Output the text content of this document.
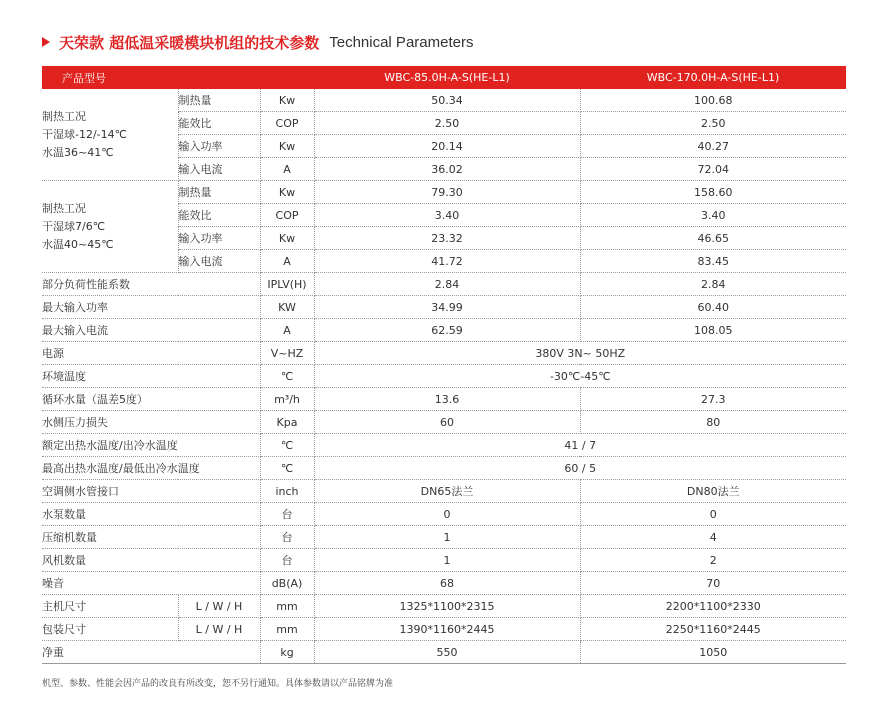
天荣款 超低温采暖模块机组的技术参数 Technical Parameters
产品型号			WBC-85.0H-A-S(HE-L1)	WBC-170.0H-A-S(HE-L1)

制热工况
干湿球-12/-14℃
水温36~41℃	制热量	Kw	50.34	100.68
	能效比	COP	2.50	2.50
	输入功率	Kw	20.14	40.27
	输入电流	A	36.02	72.04

制热工况
干湿球7/6℃
水温40~45℃	制热量	Kw	79.30	158.60
	能效比	COP	3.40	3.40
	输入功率	Kw	23.32	46.65
	输入电流	A	41.72	83.45
部分负荷性能系数		IPLV(H)	2.84	2.84
最大输入功率		KW	34.99	60.40
最大输入电流		A	62.59	108.05
电源		V~HZ	380V 3N~ 50HZ	
环境温度		℃	-30℃-45℃	
循环水量（温差5度）		m³/h	13.6	27.3
水侧压力损失		Kpa	60	80
额定出热水温度/出冷水温度		℃	41 / 7	
最高出热水温度/最低出冷水温度		℃	60 / 5	
空调侧水管接口		inch	DN65法兰	DN80法兰
水泵数量		台	0	0
压缩机数量		台	1	4
风机数量		台	1	2
噪音		dB(A)	68	70
主机尺寸	L / W / H	mm	1325*1100*2315	2200*1100*2330
包装尺寸	L / W / H	mm	1390*1160*2445	2250*1160*2445
净重		kg	550	1050
机型、参数、性能会因产品的改良有所改变，恕不另行通知。具体参数请以产品铭牌为准
